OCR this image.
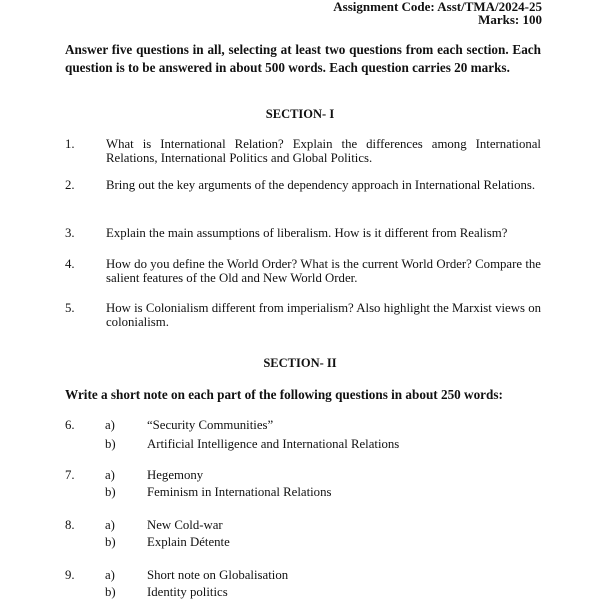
Assignment Code: Asst/TMA/2024-25
Marks: 100
Answer five questions in all, selecting at least two questions from each section. Each question is to be answered in about 500 words. Each question carries 20 marks.
SECTION- I
1. What is International Relation? Explain the differences among International Relations, International Politics and Global Politics.
2. Bring out the key arguments of the dependency approach in International Relations.
3. Explain the main assumptions of liberalism. How is it different from Realism?
4. How do you define the World Order? What is the current World Order? Compare the salient features of the Old and New World Order.
5. How is Colonialism different from imperialism? Also highlight the Marxist views on colonialism.
SECTION- II
Write a short note on each part of the following questions in about 250 words:
6. a)	“Security Communities”
b) Artificial Intelligence and International Relations
7. a)	Hegemony
b) Feminism in International Relations
8. a)	New Cold-war
b) Explain Détente
9. a)	Short note on Globalisation
b) Identity politics
